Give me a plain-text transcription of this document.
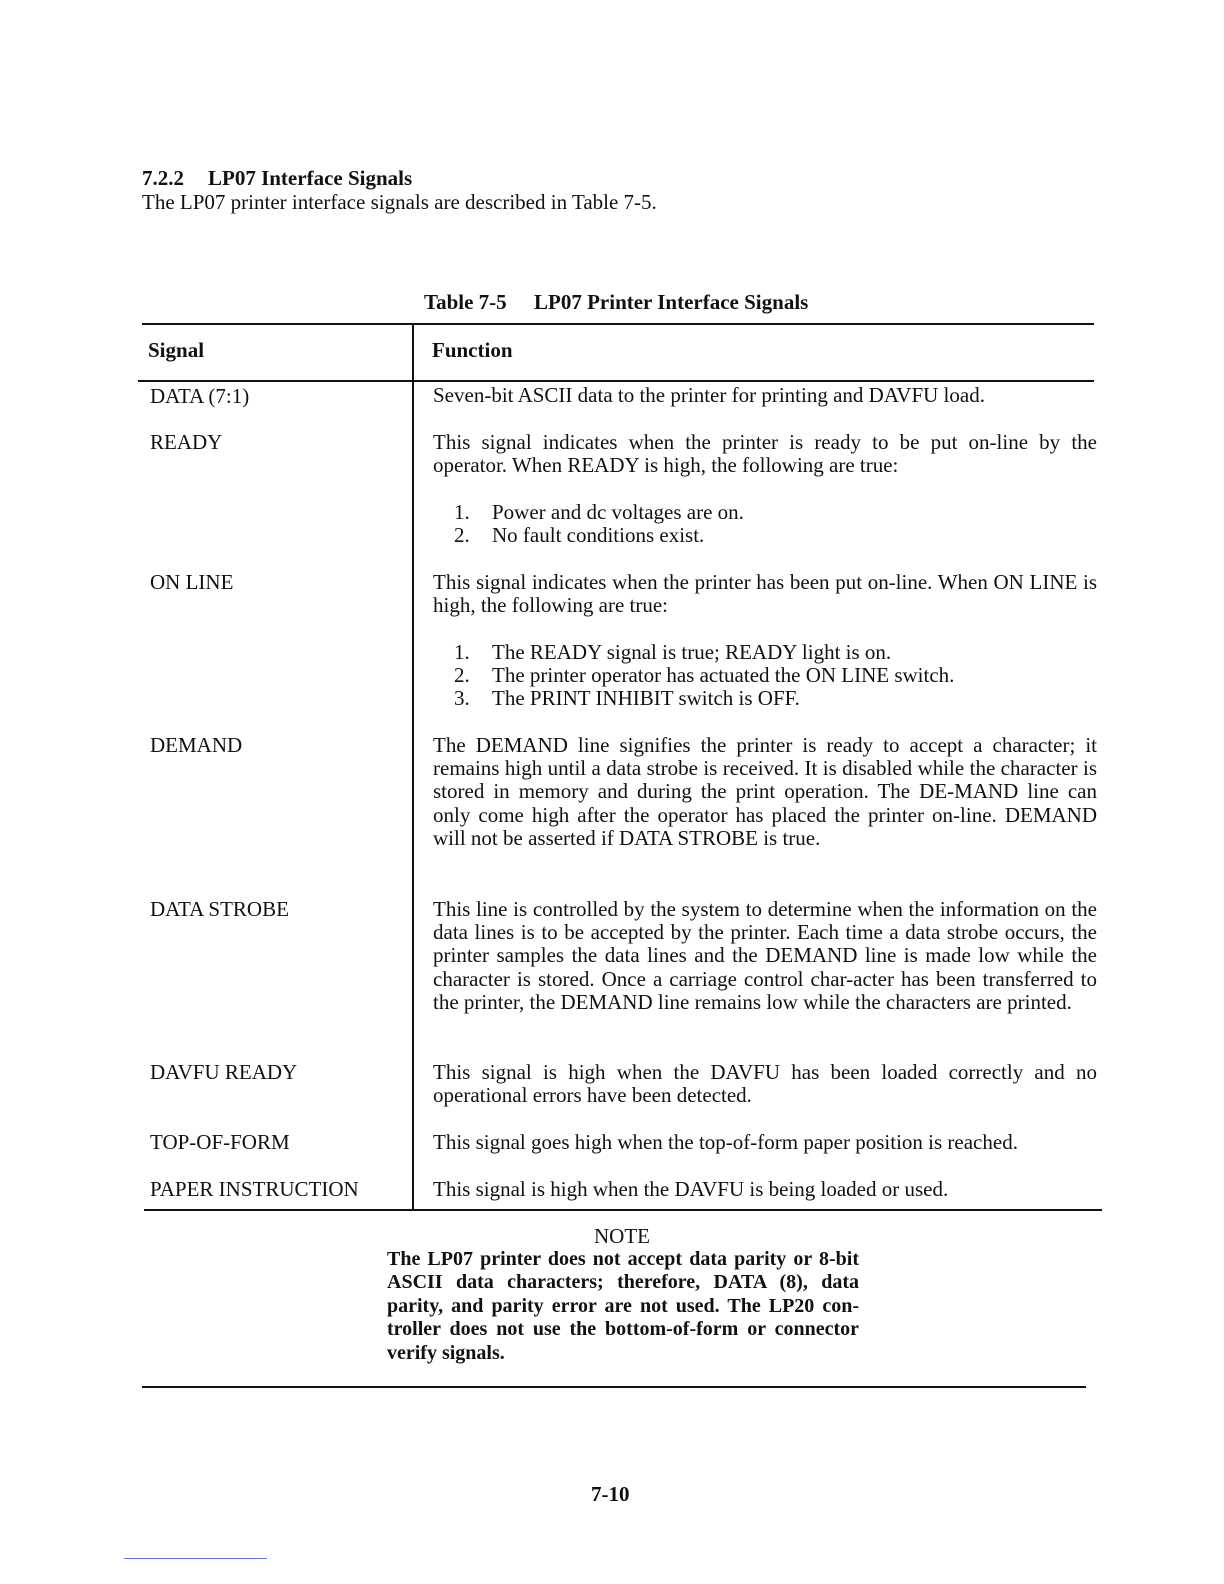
7.2.2 LP07 Interface Signals
The LP07 printer interface signals are described in Table 7-5.
Table 7-5 LP07 Printer Interface Signals
Signal	Function
DATA (7:1)	Seven-bit ASCII data to the printer for printing and DAVFU load.
READY	This signal indicates when the printer is ready to be put on-line by the operator. When READY is high, the following are true:
1. Power and dc voltages are on.
2. No fault conditions exist.
ON LINE	This signal indicates when the printer has been put on-line. When ON LINE is high, the following are true:
1. The READY signal is true; READY light is on.
2. The printer operator has actuated the ON LINE switch.
3. The PRINT INHIBIT switch is OFF.
DEMAND	The DEMAND line signifies the printer is ready to accept a character; it remains high until a data strobe is received. It is disabled while the character is stored in memory and during the print operation. The DE-MAND line can only come high after the operator has placed the printer on-line. DEMAND will not be asserted if DATA STROBE is true.
DATA STROBE	This line is controlled by the system to determine when the information on the data lines is to be accepted by the printer. Each time a data strobe occurs, the printer samples the data lines and the DEMAND line is made low while the character is stored. Once a carriage control char-acter has been transferred to the printer, the DEMAND line remains low while the characters are printed.
DAVFU READY	This signal is high when the DAVFU has been loaded correctly and no operational errors have been detected.
TOP-OF-FORM	This signal goes high when the top-of-form paper position is reached.
PAPER INSTRUCTION	This signal is high when the DAVFU is being loaded or used.
NOTE
The LP07 printer does not accept data parity or 8-bit ASCII data characters; therefore, DATA (8), data parity, and parity error are not used. The LP20 con-troller does not use the bottom-of-form or connector verify signals.
7-10
